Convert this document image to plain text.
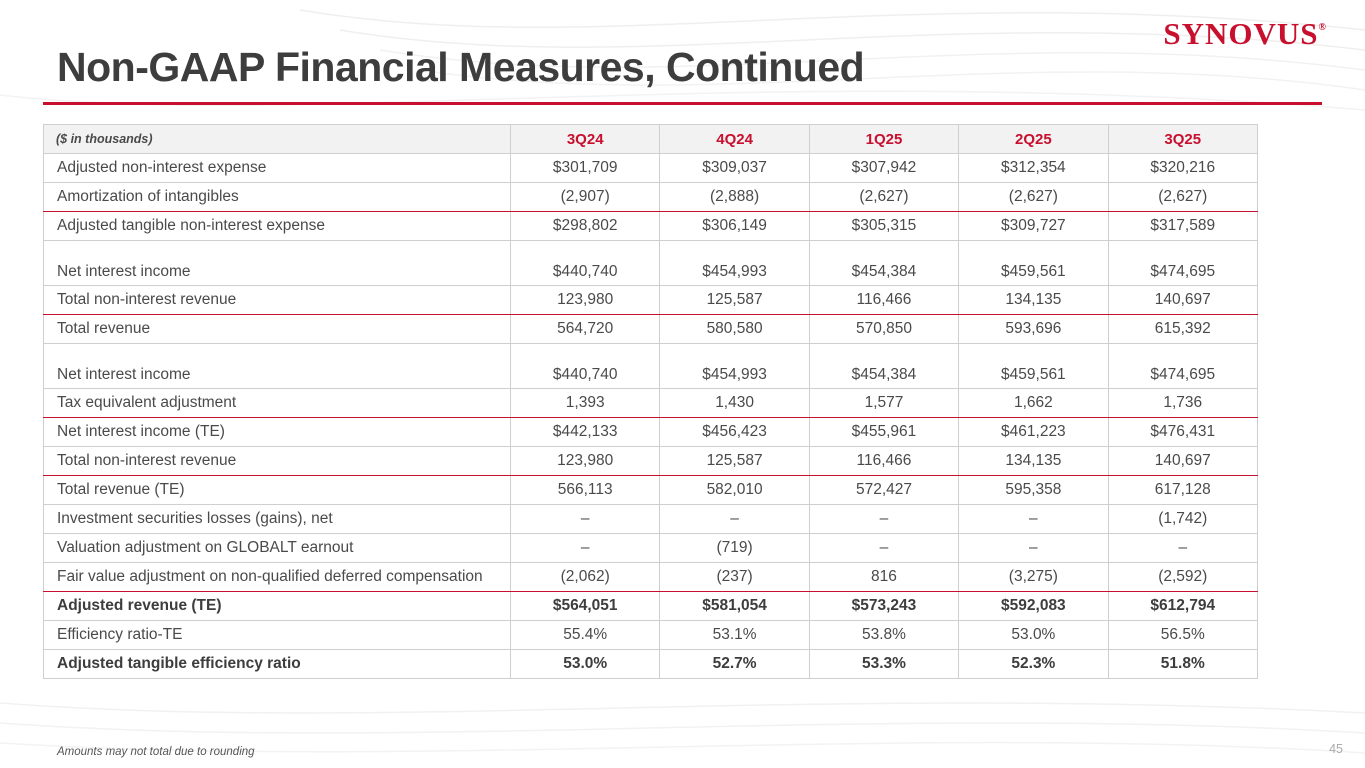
SYNOVUS®
Non-GAAP Financial Measures, Continued
($ in thousands)	3Q24	4Q24	1Q25	2Q25	3Q25
Adjusted non-interest expense	$301,709	$309,037	$307,942	$312,354	$320,216
Amortization of intangibles	(2,907)	(2,888)	(2,627)	(2,627)	(2,627)
Adjusted tangible non-interest expense	$298,802	$306,149	$305,315	$309,727	$317,589
Net interest income	$440,740	$454,993	$454,384	$459,561	$474,695
Total non-interest revenue	123,980	125,587	116,466	134,135	140,697
Total revenue	564,720	580,580	570,850	593,696	615,392
Net interest income	$440,740	$454,993	$454,384	$459,561	$474,695
Tax equivalent adjustment	1,393	1,430	1,577	1,662	1,736
Net interest income (TE)	$442,133	$456,423	$455,961	$461,223	$476,431
Total non-interest revenue	123,980	125,587	116,466	134,135	140,697
Total revenue (TE)	566,113	582,010	572,427	595,358	617,128
Investment securities losses (gains), net	–	–	–	–	(1,742)
Valuation adjustment on GLOBALT earnout	–	(719)	–	–	–
Fair value adjustment on non-qualified deferred compensation	(2,062)	(237)	816	(3,275)	(2,592)
Adjusted revenue (TE)	$564,051	$581,054	$573,243	$592,083	$612,794
Efficiency ratio-TE	55.4%	53.1%	53.8%	53.0%	56.5%
Adjusted tangible efficiency ratio	53.0%	52.7%	53.3%	52.3%	51.8%
Amounts may not total due to rounding	45
